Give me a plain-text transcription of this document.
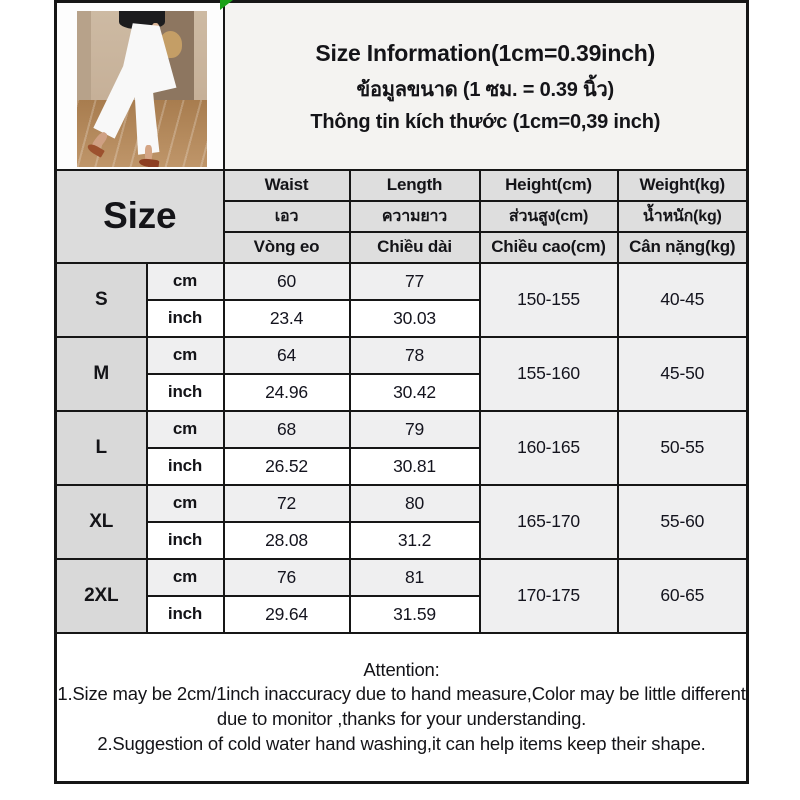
		Size Information(1cm=0.39inch)
ข้อมูลขนาด (1 ซม. = 0.39 นิ้ว)
Thông tin kích thước (1cm=0,39 inch)			

Size		Waist	Length	Height(cm)	Weight(kg)
		เอว	ความยาว	ส่วนสูง(cm)	น้ำหนัก(kg)
		Vòng eo	Chiều dài	Chiều cao(cm)	Cân nặng(kg)
S	cm	60	77	150-155	40-45
	inch	23.4	30.03		
M	cm	64	78	155-160	45-50
	inch	24.96	30.42		
L	cm	68	79	160-165	50-55
	inch	26.52	30.81		
XL	cm	72	80	165-170	55-60
	inch	28.08	31.2		
2XL	cm	76	81	170-175	60-65
	inch	29.64	31.59		

Attention:
1.Size may be 2cm/1inch inaccuracy due to hand measure,Color may be little different due to monitor ,thanks for your understanding.
2.Suggestion of cold water hand washing,it can help items keep their shape.					
